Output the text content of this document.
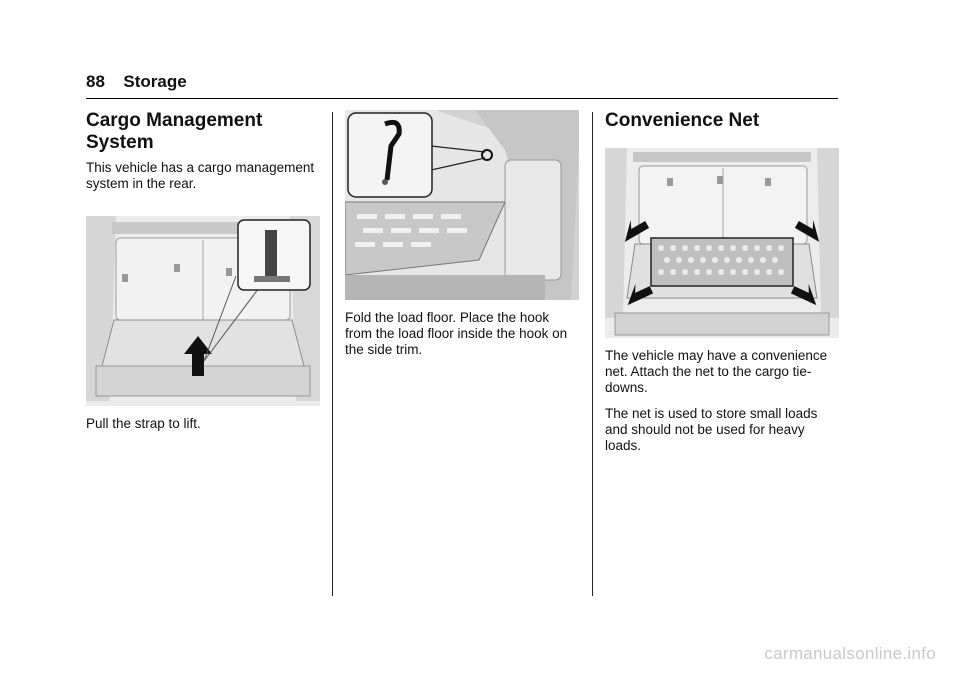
88 Storage
Cargo Management
System

This vehicle has a cargo management system in the rear.

Pull the strap to lift.

Fold the load floor. Place the hook from the load floor inside the hook on the side trim.

Convenience Net

The vehicle may have a convenience net. Attach the net to the cargo tie-downs.

The net is used to store small loads and should not be used for heavy loads.

carmanualsonline.info
